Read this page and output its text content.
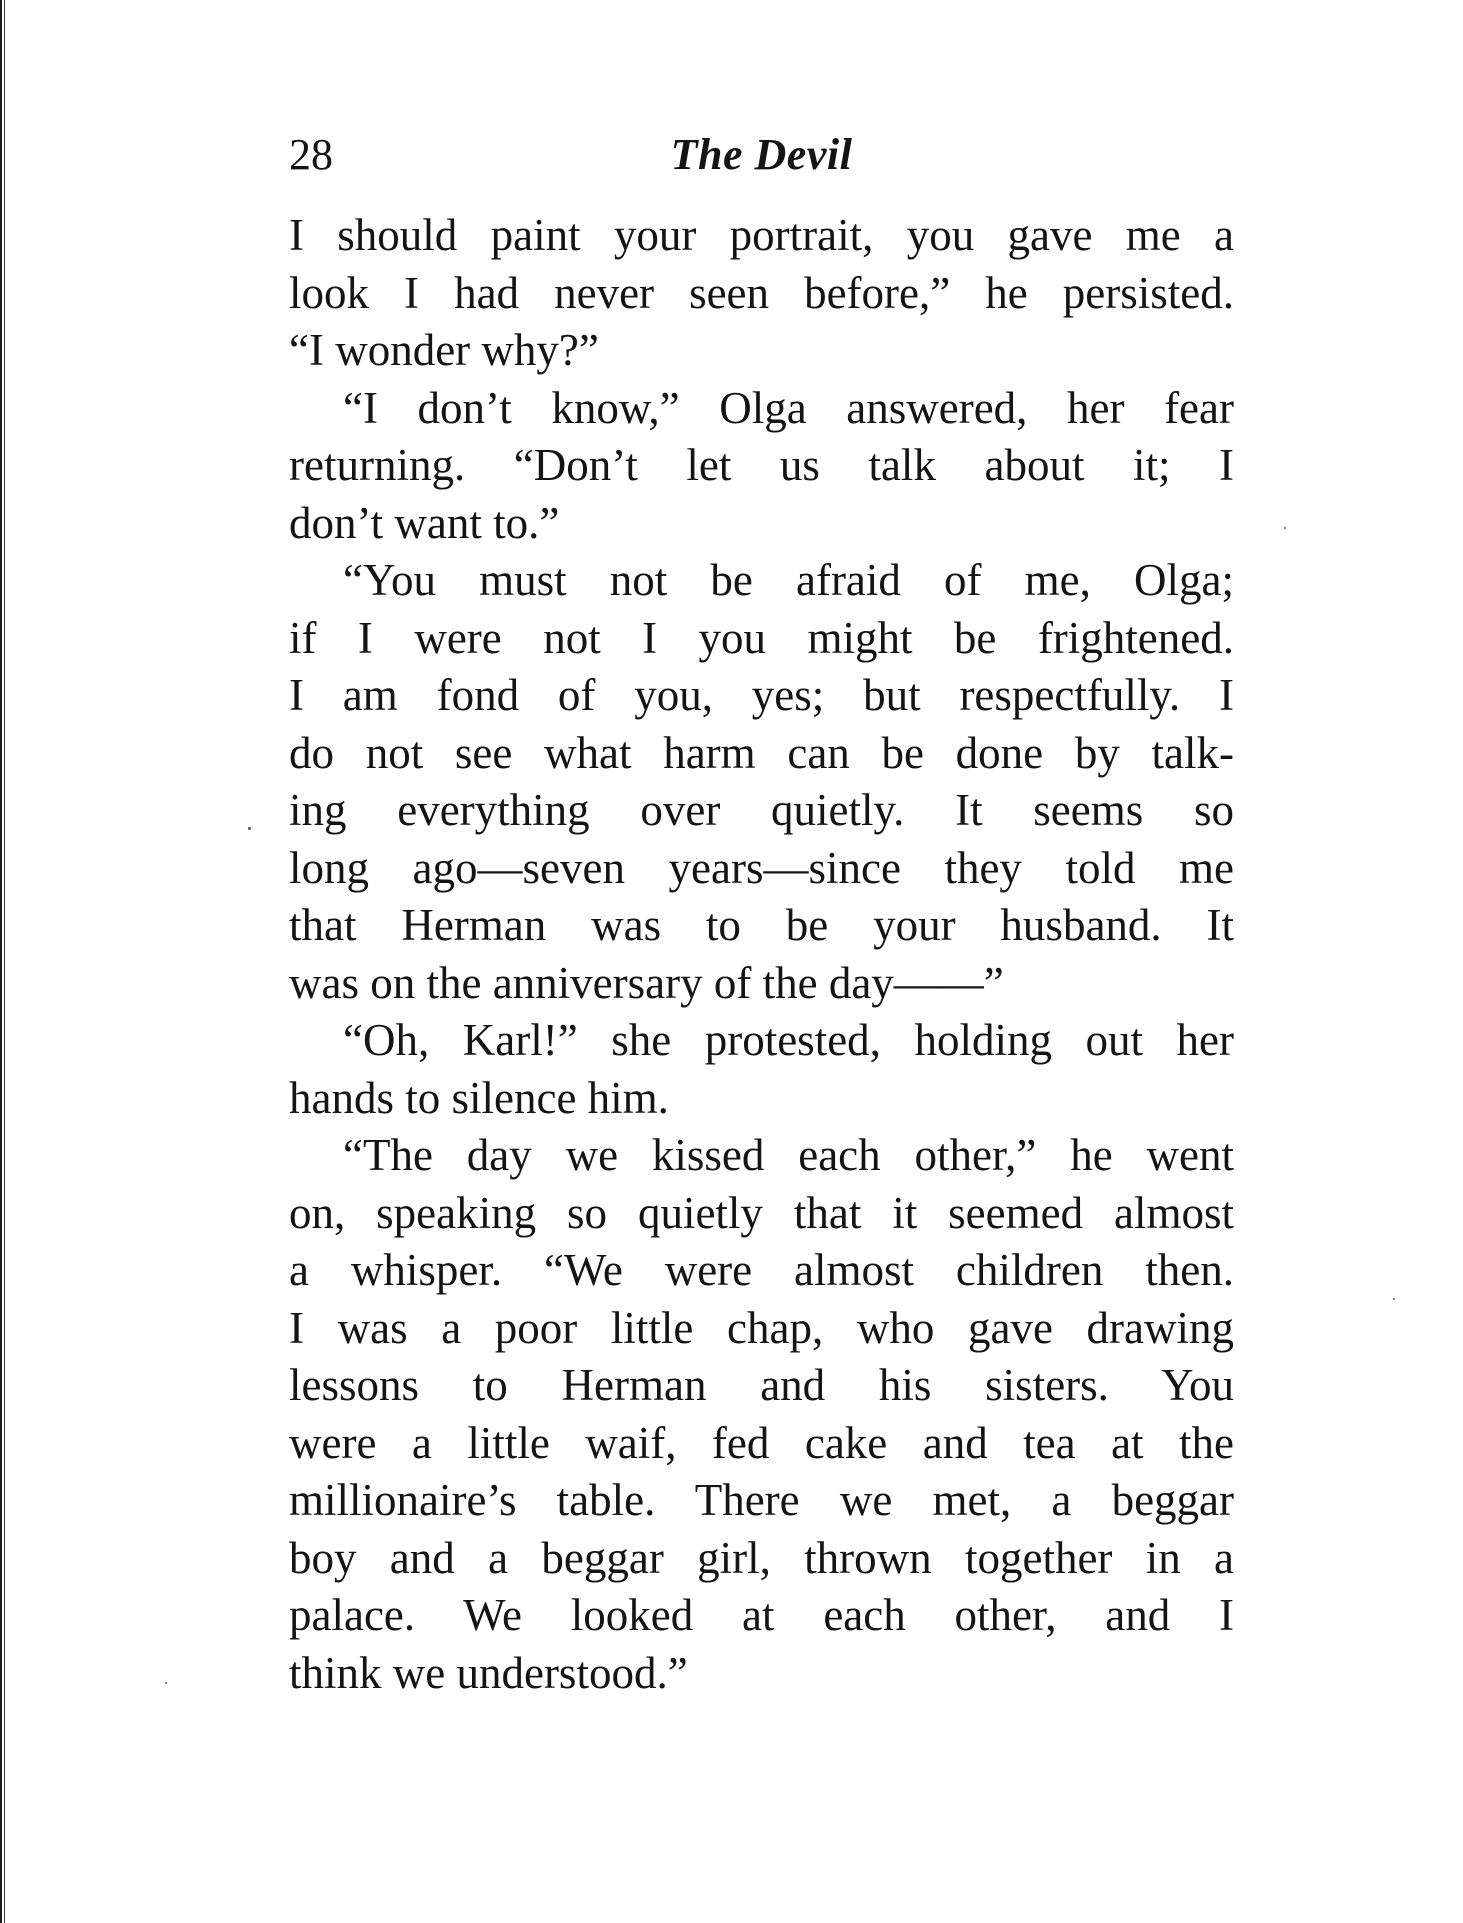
28	The Devil
I should paint your portrait, you gave me a
look I had never seen before,” he persisted.
“I wonder why?”
“I don’t know,” Olga answered, her fear
returning. “Don’t let us talk about it; I
don’t want to.”
“You must not be afraid of me, Olga;
if I were not I you might be frightened.
I am fond of you, yes; but respectfully. I
do not see what harm can be done by talk-
ing everything over quietly. It seems so
long ago—seven years—since they told me
that Herman was to be your husband. It
was on the anniversary of the day——”
“Oh, Karl!” she protested, holding out her
hands to silence him.
“The day we kissed each other,” he went
on, speaking so quietly that it seemed almost
a whisper. “We were almost children then.
I was a poor little chap, who gave drawing
lessons to Herman and his sisters. You
were a little waif, fed cake and tea at the
millionaire’s table. There we met, a beggar
boy and a beggar girl, thrown together in a
palace. We looked at each other, and I
think we understood.”
